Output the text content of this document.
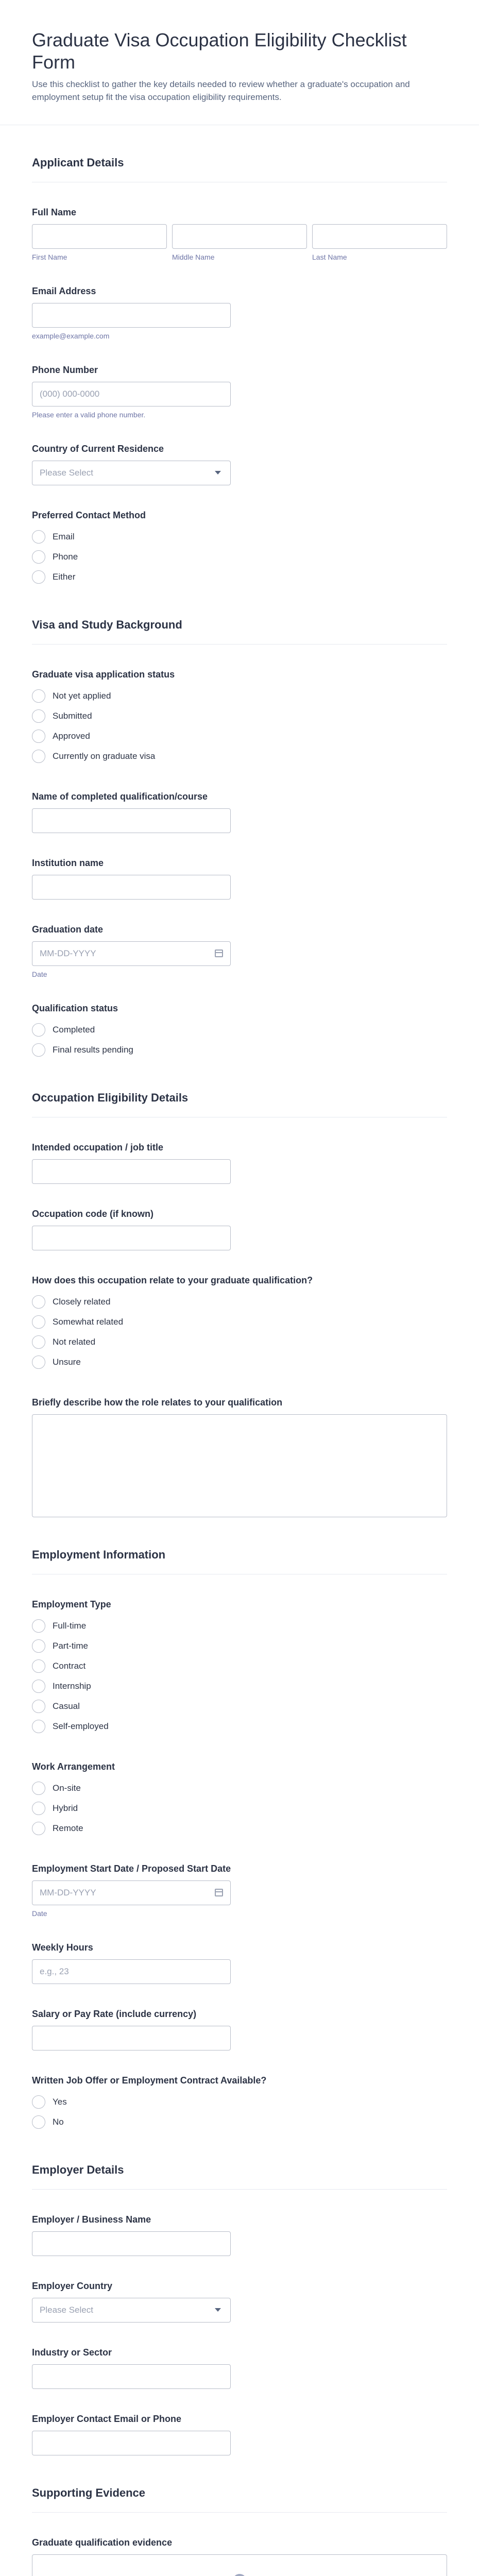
Graduate Visa Occupation Eligibility Checklist Form

Use this checklist to gather the key details needed to review whether a graduate's occupation and employment setup fit the visa occupation eligibility requirements.

Applicant Details
Full Name
First Name	Middle Name	Last Name
Email Address
example@example.com
Phone Number
(000) 000-0000
Please enter a valid phone number.
Country of Current Residence
Please Select
Preferred Contact Method
Email
Phone
Either
Visa and Study Background
Graduate visa application status
Not yet applied
Submitted
Approved
Currently on graduate visa
Name of completed qualification/course
Institution name
Graduation date
MM-DD-YYYY
Date
Qualification status
Completed
Final results pending
Occupation Eligibility Details
Intended occupation / job title
Occupation code (if known)
How does this occupation relate to your graduate qualification?
Closely related
Somewhat related
Not related
Unsure
Briefly describe how the role relates to your qualification
Employment Information
Employment Type
Full-time
Part-time
Contract
Internship
Casual
Self-employed
Work Arrangement
On-site
Hybrid
Remote
Employment Start Date / Proposed Start Date
MM-DD-YYYY
Date
Weekly Hours
e.g., 23
Salary or Pay Rate (include currency)
Written Job Offer or Employment Contract Available?
Yes
No
Employer Details
Employer / Business Name
Employer Country
Please Select
Industry or Sector
Employer Contact Email or Phone
Supporting Evidence
Graduate qualification evidence
